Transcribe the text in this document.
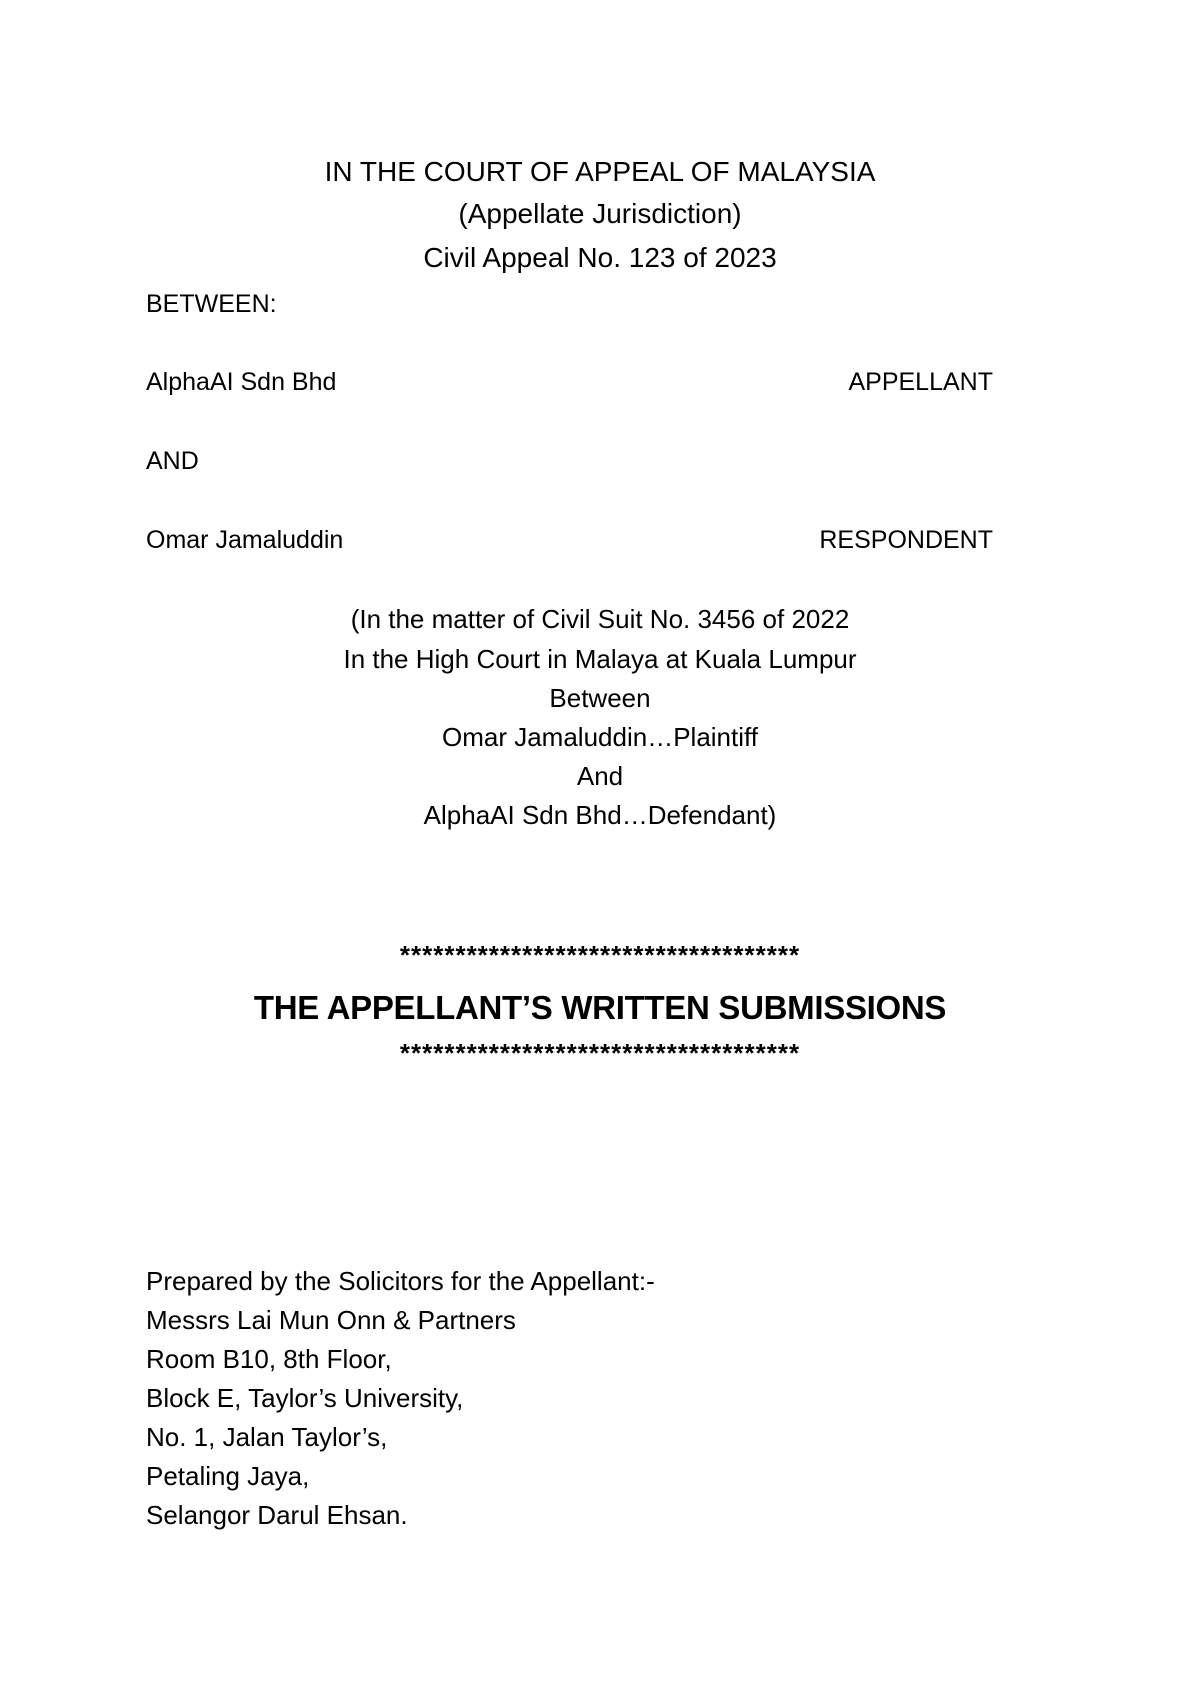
IN THE COURT OF APPEAL OF MALAYSIA
(Appellate Jurisdiction)
Civil Appeal No. 123 of 2023
BETWEEN:
AlphaAI Sdn Bhd	APPELLANT
AND
Omar Jamaluddin	RESPONDENT
(In the matter of Civil Suit No. 3456 of 2022
In the High Court in Malaya at Kuala Lumpur
Between
Omar Jamaluddin…Plaintiff
And
AlphaAI Sdn Bhd…Defendant)
************************************
THE APPELLANT’S WRITTEN SUBMISSIONS
************************************
Prepared by the Solicitors for the Appellant:-
Messrs Lai Mun Onn & Partners
Room B10, 8th Floor,
Block E, Taylor’s University,
No. 1, Jalan Taylor’s,
Petaling Jaya,
Selangor Darul Ehsan.
